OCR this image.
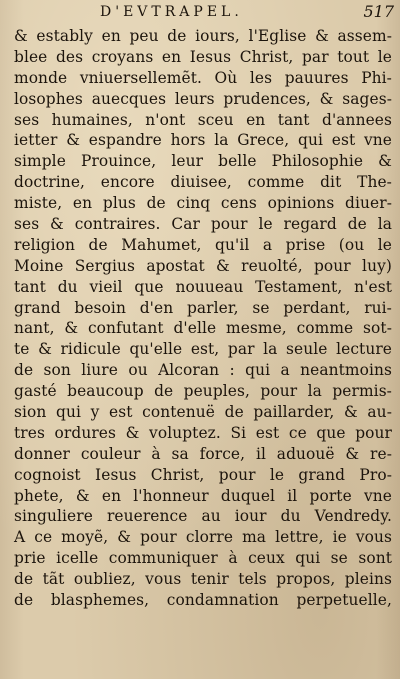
D'EVTRAPEL.	517
& estably en peu de iours, l'Eglise & assem-
blee des croyans en Iesus Christ, par tout le
monde vniuersellemẽt. Où les pauures Phi-
losophes auecques leurs prudences, & sages-
ses humaines, n'ont sceu en tant d'annees
ietter & espandre hors la Grece, qui est vne
simple Prouince, leur belle Philosophie &
doctrine, encore diuisee, comme dit The-
miste, en plus de cinq cens opinions diuer-
ses & contraires. Car pour le regard de la
religion de Mahumet, qu'il a prise (ou le
Moine Sergius apostat & reuolté, pour luy)
tant du vieil que nouueau Testament, n'est
grand besoin d'en parler, se perdant, rui-
nant, & confutant d'elle mesme, comme sot-
te & ridicule qu'elle est, par la seule lecture
de son liure ou Alcoran : qui a neantmoins
gasté beaucoup de peuples, pour la permis-
sion qui y est contenuë de paillarder, & au-
tres ordures & voluptez. Si est ce que pour
donner couleur à sa force, il aduouë & re-
cognoist Iesus Christ, pour le grand Pro-
phete, & en l'honneur duquel il porte vne
singuliere reuerence au iour du Vendredy.
A ce moyẽ, & pour clorre ma lettre, ie vous
prie icelle communiquer à ceux qui se sont
de tãt oubliez, vous tenir tels propos, pleins
de blasphemes, condamnation perpetuelle,
